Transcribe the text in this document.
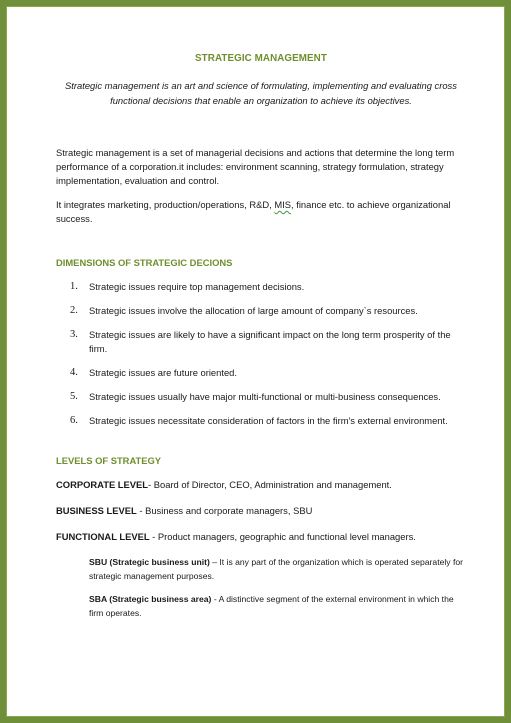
STRATEGIC MANAGEMENT

Strategic management is an art and science of formulating, implementing and evaluating cross functional decisions that enable an organization to achieve its objectives.

Strategic management is a set of managerial decisions and actions that determine the long term performance of a corporation.it includes: environment scanning, strategy formulation, strategy implementation, evaluation and control.

It integrates marketing, production/operations, R&D, MIS, finance etc. to achieve organizational success.

DIMENSIONS OF STRATEGIC DECIONS
1. Strategic issues require top management decisions.
2. Strategic issues involve the allocation of large amount of company`s resources.
3. Strategic issues are likely to have a significant impact on the long term prosperity of the firm.
4. Strategic issues are future oriented.
5. Strategic issues usually have major multi-functional or multi-business consequences.
6. Strategic issues necessitate consideration of factors in the firm's external environment.
LEVELS OF STRATEGY

CORPORATE LEVEL- Board of Director, CEO, Administration and management.

BUSINESS LEVEL - Business and corporate managers, SBU

FUNCTIONAL LEVEL - Product managers, geographic and functional level managers.

SBU (Strategic business unit) – It is any part of the organization which is operated separately for strategic management purposes.

SBA (Strategic business area) - A distinctive segment of the external environment in which the firm operates.
